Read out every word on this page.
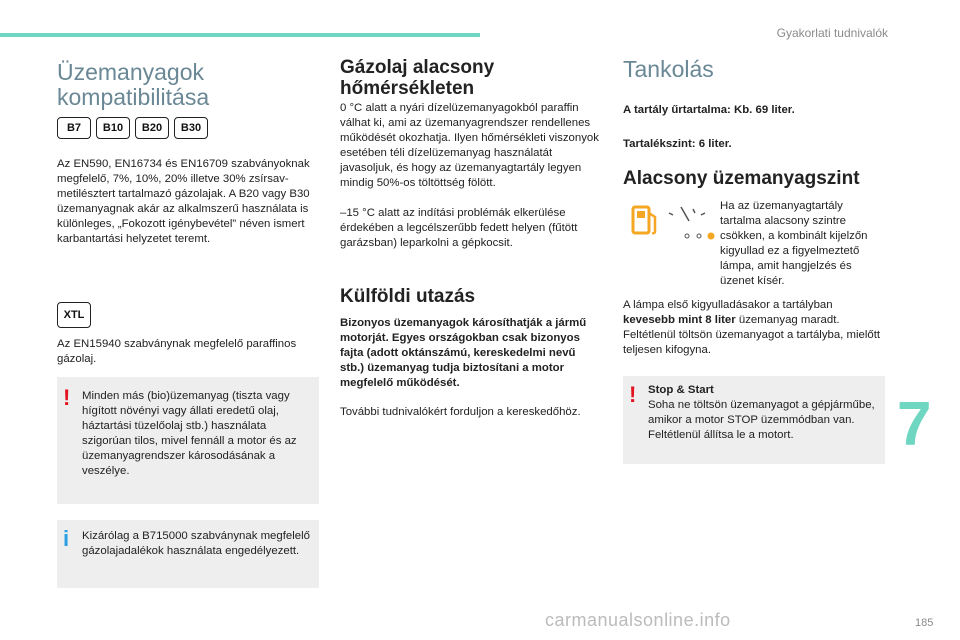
Gyakorlati tudnivalók
Üzemanyagok
kompatibilitása
B7	B10	B20	B30

Az EN590, EN16734 és EN16709 szabványoknak megfelelő, 7%, 10%, 20% illetve 30% zsírsav-metilésztert tartalmazó gázolajak. A B20 vagy B30 üzemanyagnak akár az alkalmszerű használata is különleges, „Fokozott igénybevétel” néven ismert karbantartási helyzetet teremt.

XTL

Az EN15940 szabványnak megfelelő paraffinos gázolaj.

! Minden más (bio)üzemanyag (tiszta vagy hígított növényi vagy állati eredetű olaj, háztartási tüzelőolaj stb.) használata szigorúan tilos, mivel fennáll a motor és az üzemanyagrendszer károsodásának a veszélye.

i Kizárólag a B715000 szabványnak megfelelő gázolajadalékok használata engedélyezett.

Gázolaj alacsony
hőmérsékleten

0 °C alatt a nyári dízelüzemanyagokból paraffin válhat ki, ami az üzemanyagrendszer rendellenes működését okozhatja. Ilyen hőmérsékleti viszonyok esetében téli dízelüzemanyag használatát javasoljuk, és hogy az üzemanyagtartály legyen mindig 50%-os töltöttség fölött.

–15 °C alatt az indítási problémák elkerülése érdekében a legcélszerűbb fedett helyen (fűtött garázsban) leparkolni a gépkocsit.

Külföldi utazás

Bizonyos üzemanyagok károsíthatják a jármű motorját. Egyes országokban csak bizonyos fajta (adott oktánszámú, kereskedelmi nevű stb.) üzemanyag tudja biztosítani a motor megfelelő működését.

További tudnivalókért forduljon a kereskedőhöz.

Tankolás

A tartály űrtartalma: Kb. 69 liter.

Tartalékszint: 6 liter.

Alacsony üzemanyagszint

Ha az üzemanyagtartály tartalma alacsony szintre csökken, a kombinált kijelzőn kigyullad ez a figyelmeztető lámpa, amit hangjelzés és üzenet kísér.

A lámpa első kigyulladásakor a tartályban kevesebb mint 8 liter üzemanyag maradt. Feltétlenül töltsön üzemanyagot a tartályba, mielőtt teljesen kifogyna.

! Stop & Start
Soha ne töltsön üzemanyagot a gépjárműbe, amikor a motor STOP üzemmódban van. Feltétlenül állítsa le a motort.	7
carmanualsonline.info	185
